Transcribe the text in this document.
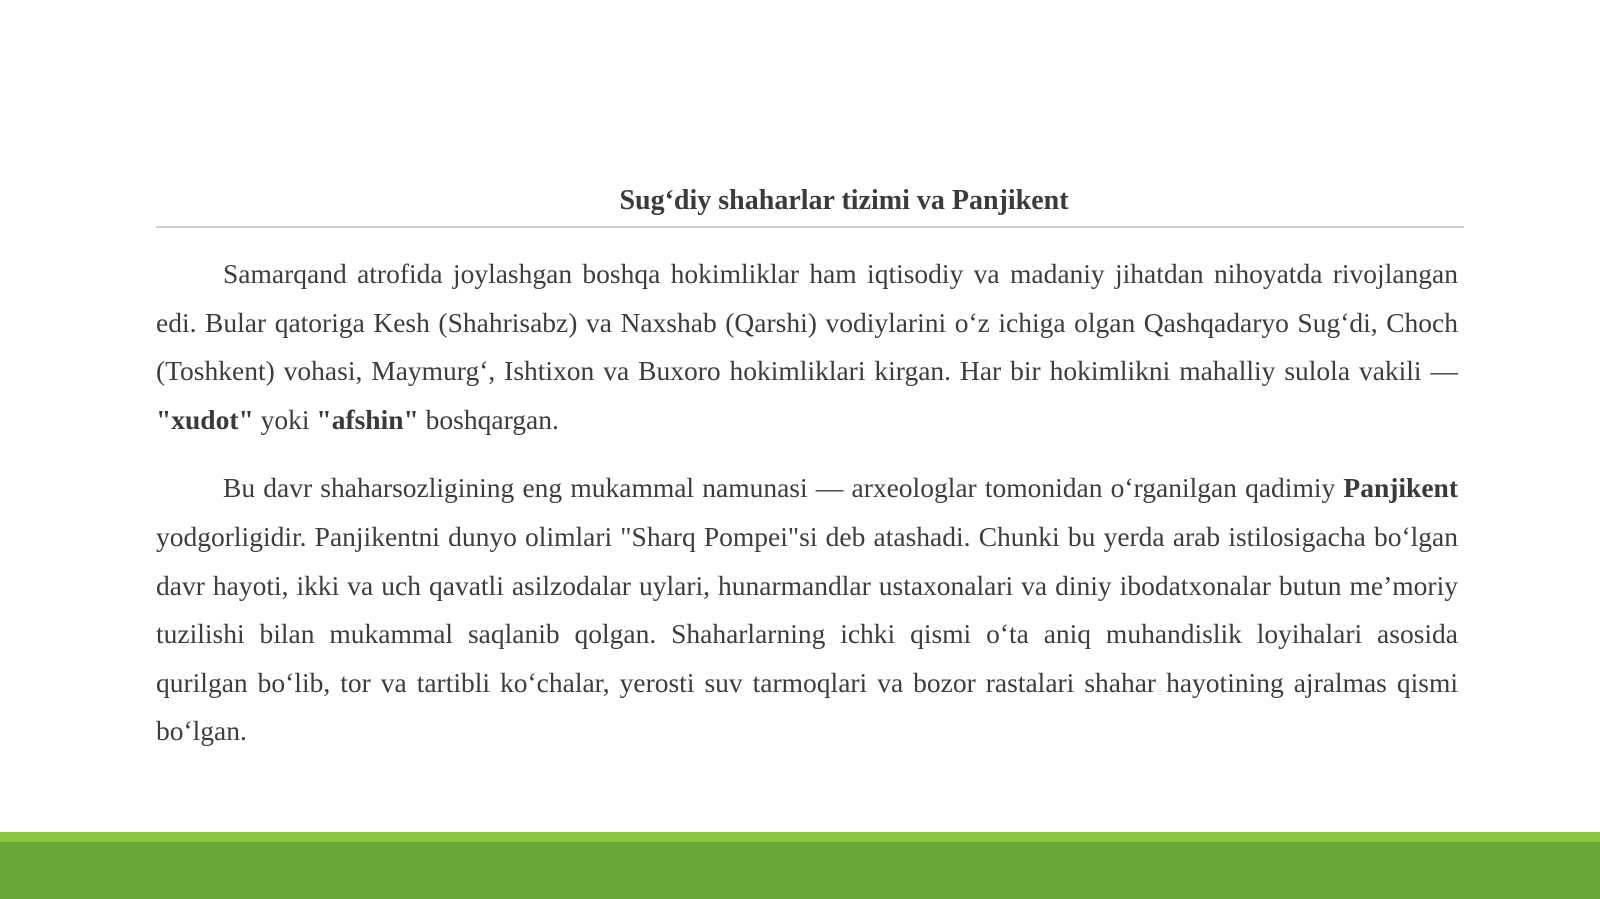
Sug‘diy shaharlar tizimi va Panjikent

Samarqand atrofida joylashgan boshqa hokimliklar ham iqtisodiy va madaniy jihatdan nihoyatda rivojlangan edi. Bular qatoriga Kesh (Shahrisabz) va Naxshab (Qarshi) vodiylarini o‘z ichiga olgan Qashqadaryo Sug‘di, Choch (Toshkent) vohasi, Maymurg‘, Ishtixon va Buxoro hokimliklari kirgan. Har bir hokimlikni mahalliy sulola vakili — "xudot" yoki "afshin" boshqargan.

Bu davr shaharsozligining eng mukammal namunasi — arxeologlar tomonidan o‘rganilgan qadimiy Panjikent yodgorligidir. Panjikentni dunyo olimlari "Sharq Pompei"si deb atashadi. Chunki bu yerda arab istilosigacha bo‘lgan davr hayoti, ikki va uch qavatli asilzodalar uylari, hunarmandlar ustaxonalari va diniy ibodatxonalar butun me’moriy tuzilishi bilan mukammal saqlanib qolgan. Shaharlarning ichki qismi o‘ta aniq muhandislik loyihalari asosida qurilgan bo‘lib, tor va tartibli ko‘chalar, yerosti suv tarmoqlari va bozor rastalari shahar hayotining ajralmas qismi bo‘lgan.
